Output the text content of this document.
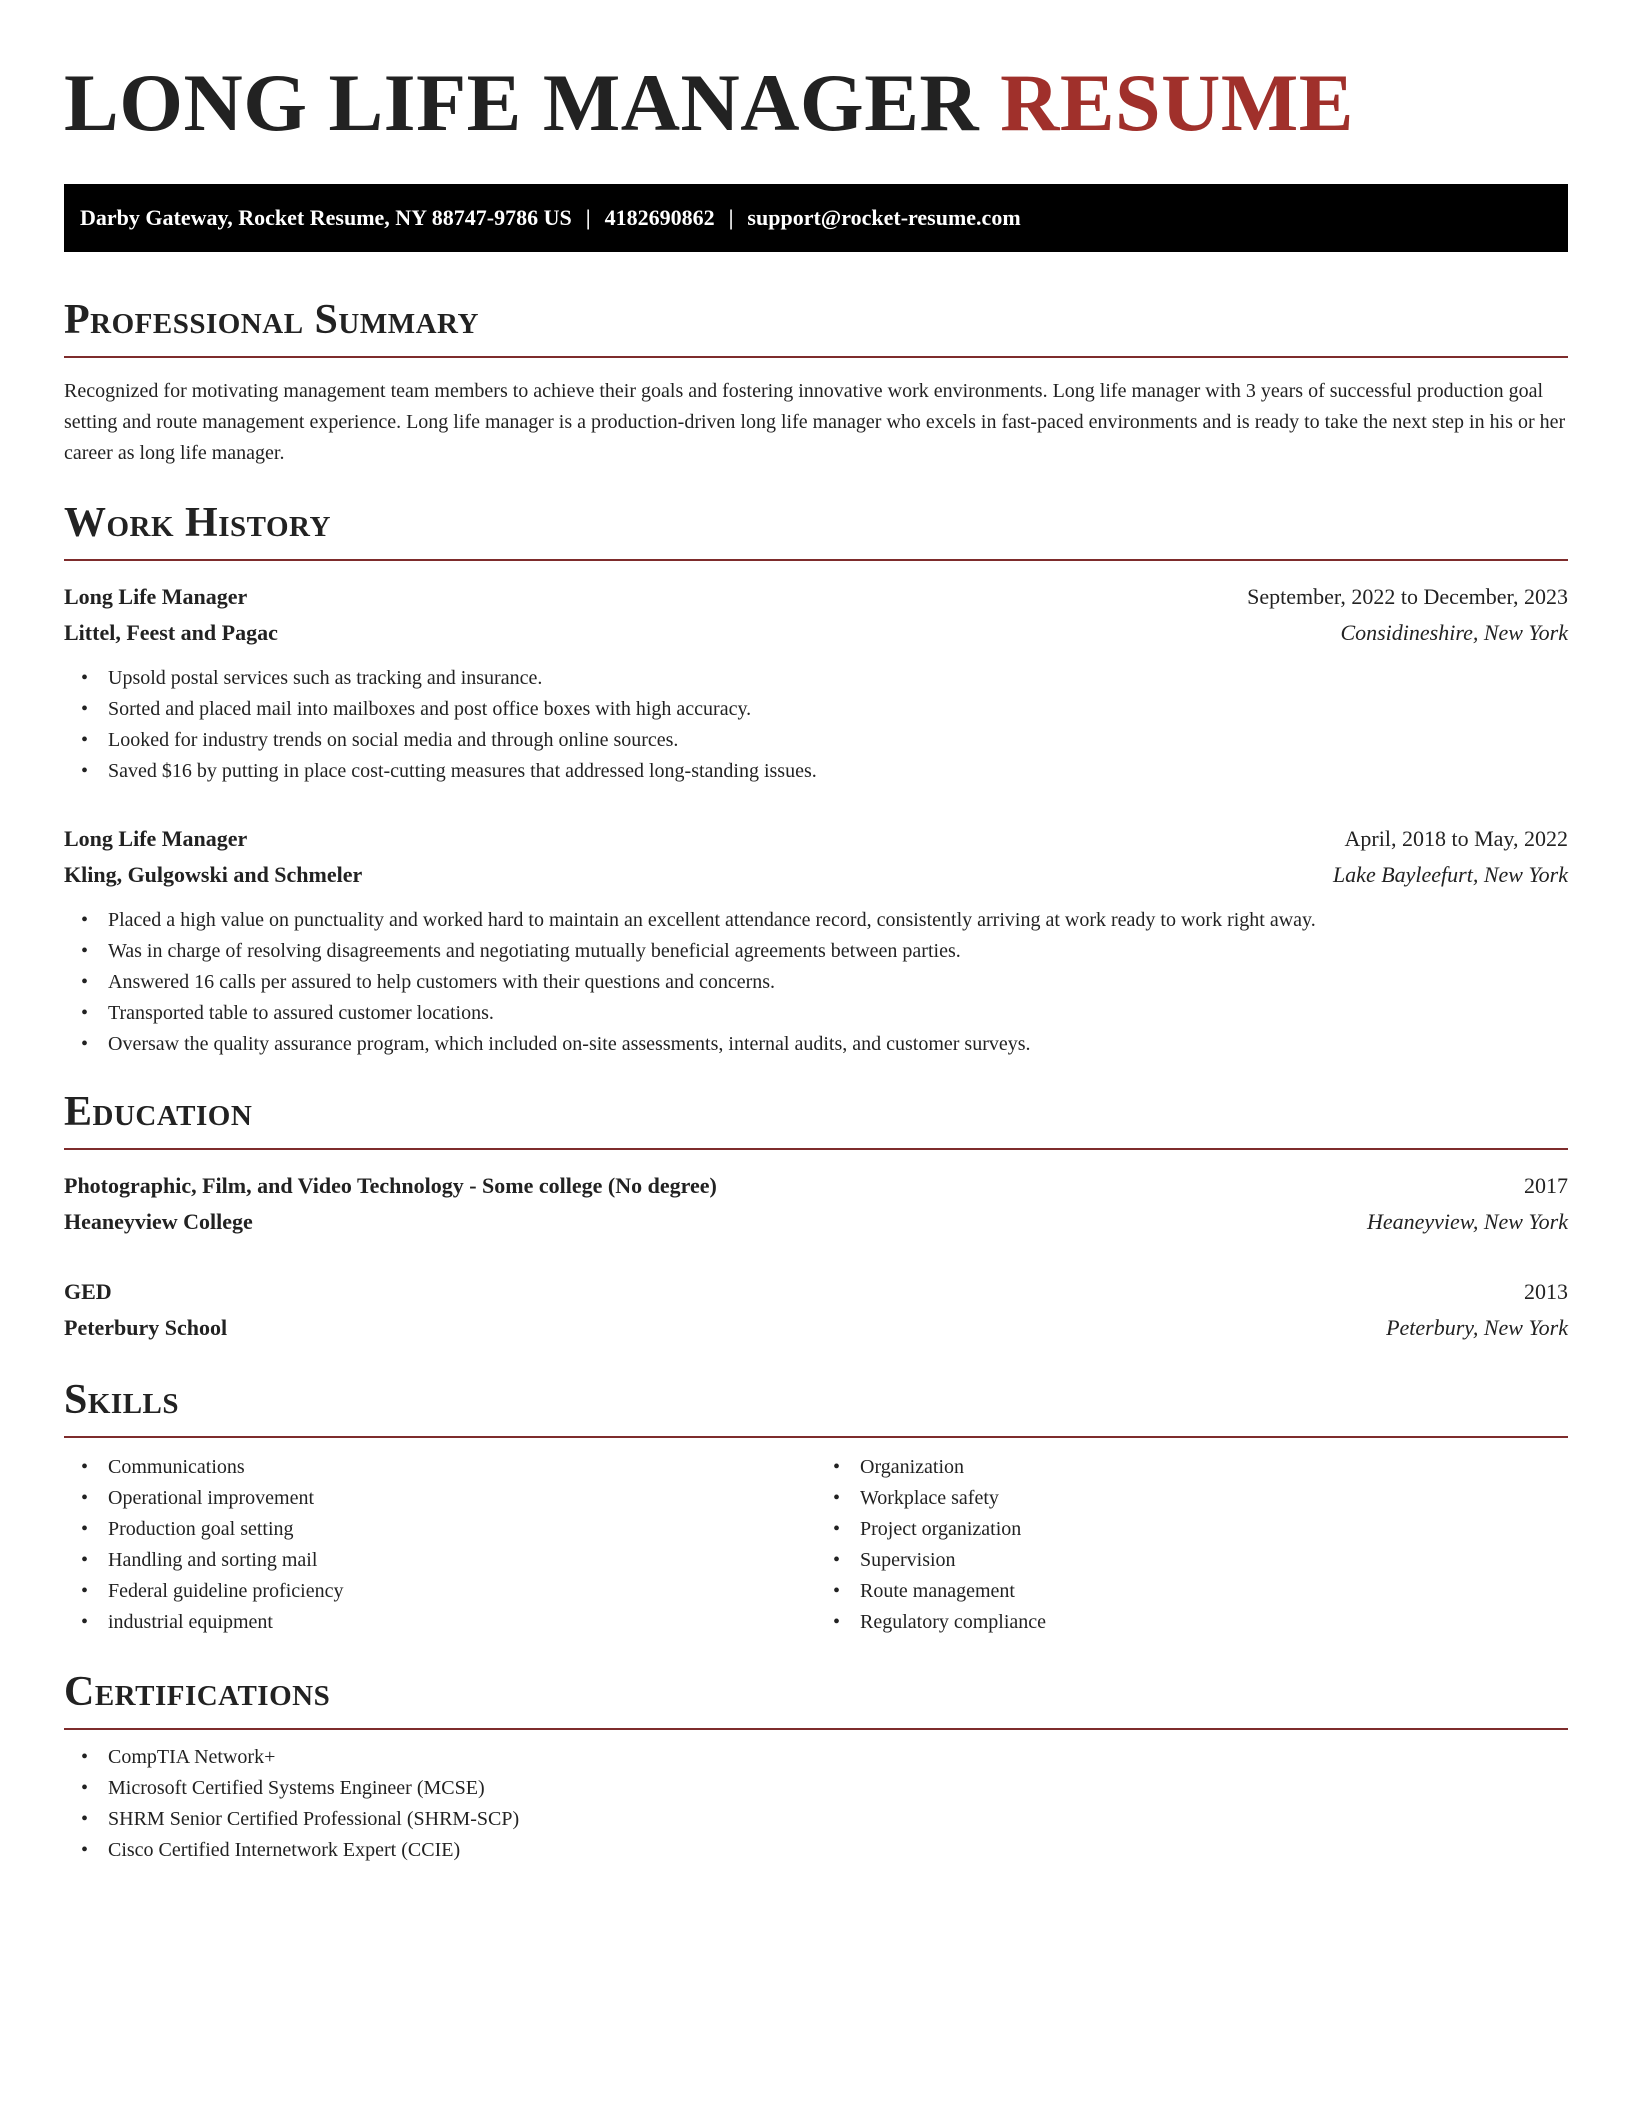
LONG LIFE MANAGER RESUME
Darby Gateway, Rocket Resume, NY 88747-9786 US | 4182690862 | support@rocket-resume.com
Professional Summary

Recognized for motivating management team members to achieve their goals and fostering innovative work environments. Long life manager with 3 years of successful production goal setting and route management experience. Long life manager is a production-driven long life manager who excels in fast-paced environments and is ready to take the next step in his or her career as long life manager.

Work History
Long Life Manager	September, 2022 to December, 2023
Littel, Feest and Pagac	Considineshire, New York
• Upsold postal services such as tracking and insurance.
• Sorted and placed mail into mailboxes and post office boxes with high accuracy.
• Looked for industry trends on social media and through online sources.
• Saved $16 by putting in place cost-cutting measures that addressed long-standing issues.
Long Life Manager	April, 2018 to May, 2022
Kling, Gulgowski and Schmeler	Lake Bayleefurt, New York
• Placed a high value on punctuality and worked hard to maintain an excellent attendance record, consistently arriving at work ready to work right away.
• Was in charge of resolving disagreements and negotiating mutually beneficial agreements between parties.
• Answered 16 calls per assured to help customers with their questions and concerns.
• Transported table to assured customer locations.
• Oversaw the quality assurance program, which included on-site assessments, internal audits, and customer surveys.
Education
Photographic, Film, and Video Technology - Some college (No degree)	2017
Heaneyview College	Heaneyview, New York
GED	2013
Peterbury School	Peterbury, New York
Skills
• Communications
• Operational improvement
• Production goal setting
• Handling and sorting mail
• Federal guideline proficiency
• industrial equipment
• Organization
• Workplace safety
• Project organization
• Supervision
• Route management
• Regulatory compliance
Certifications
• CompTIA Network+
• Microsoft Certified Systems Engineer (MCSE)
• SHRM Senior Certified Professional (SHRM-SCP)
• Cisco Certified Internetwork Expert (CCIE)
